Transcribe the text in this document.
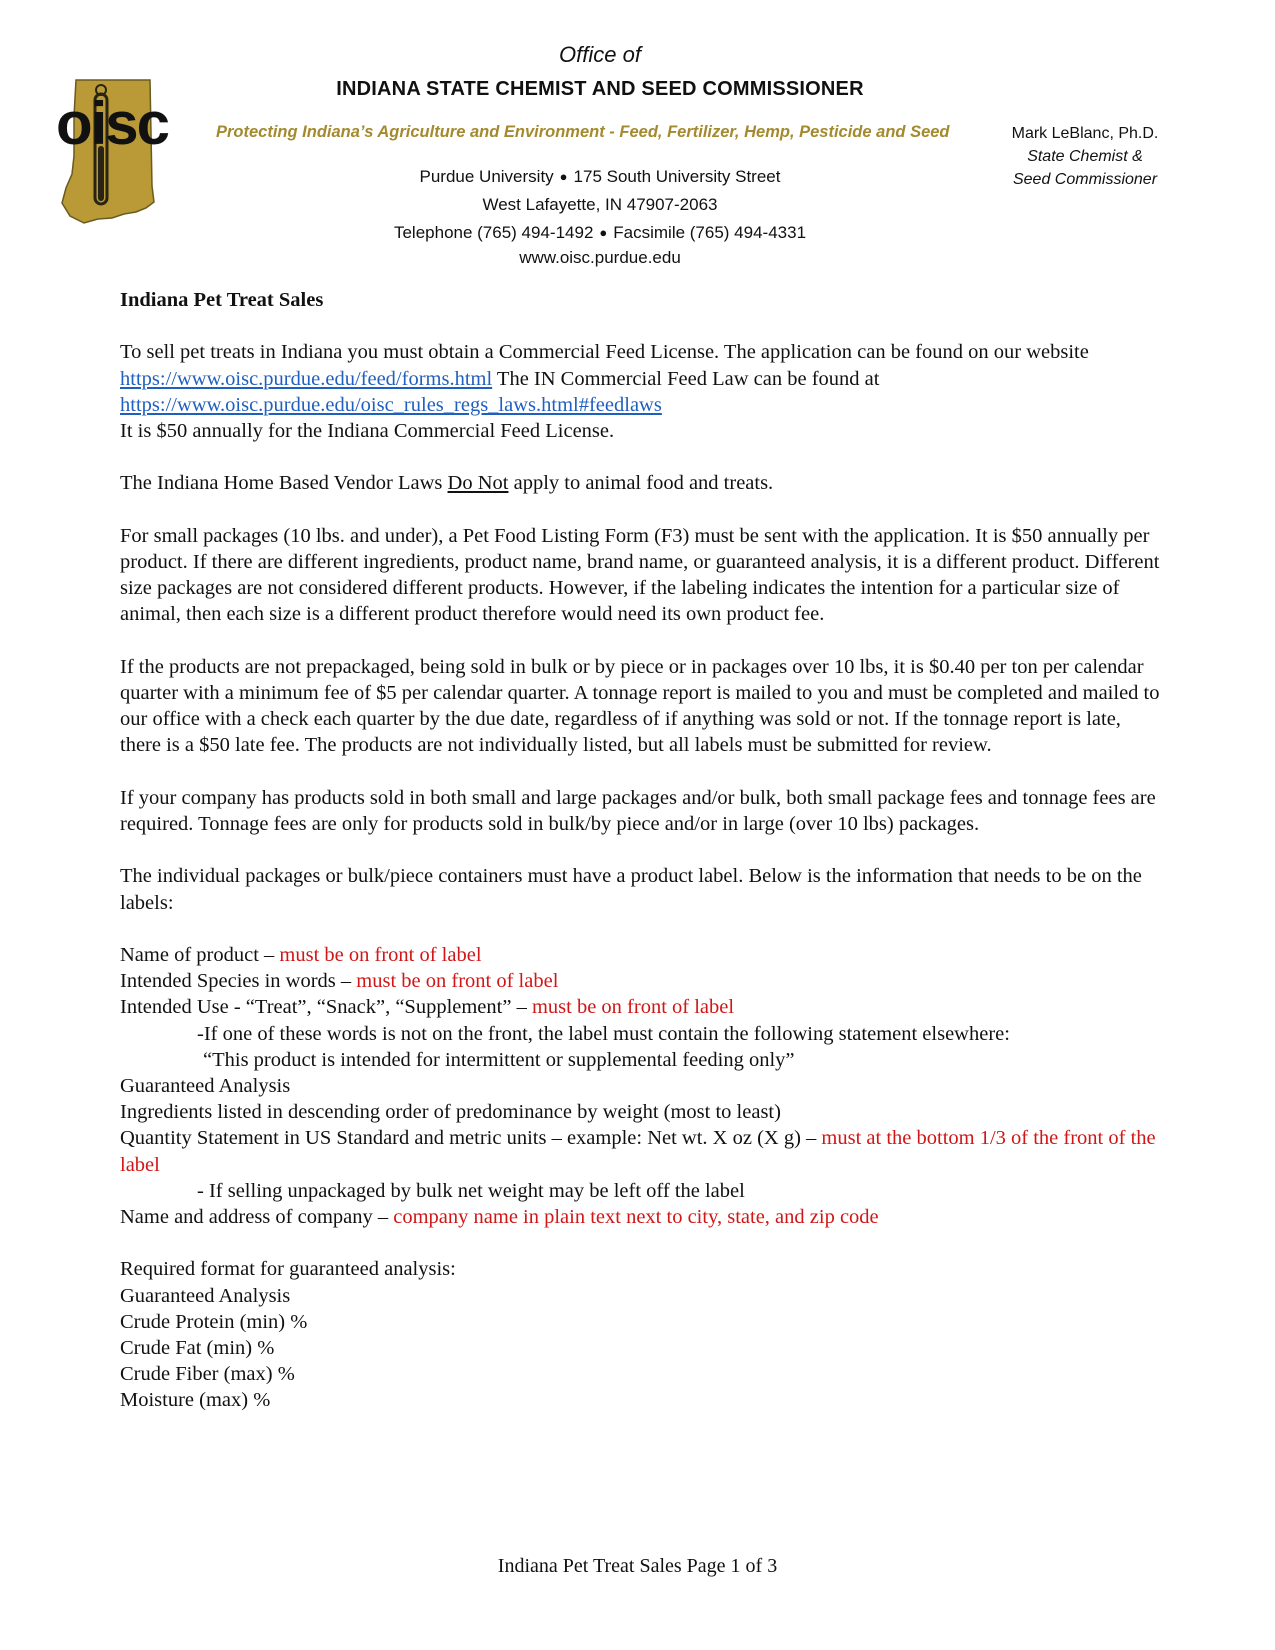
oisc
Office of
INDIANA STATE CHEMIST AND SEED COMMISSIONER
Protecting Indiana’s Agriculture and Environment - Feed, Fertilizer, Hemp, Pesticide and Seed
Purdue University ● 175 South University Street
West Lafayette, IN 47907-2063
Telephone (765) 494-1492 ● Facsimile (765) 494-4331
www.oisc.purdue.edu
Mark LeBlanc, Ph.D.
State Chemist &
Seed Commissioner

Indiana Pet Treat Sales

To sell pet treats in Indiana you must obtain a Commercial Feed License. The application can be found on our website https://www.oisc.purdue.edu/feed/forms.html The IN Commercial Feed Law can be found at
https://www.oisc.purdue.edu/oisc_rules_regs_laws.html#feedlaws
It is $50 annually for the Indiana Commercial Feed License.

The Indiana Home Based Vendor Laws Do Not apply to animal food and treats.

For small packages (10 lbs. and under), a Pet Food Listing Form (F3) must be sent with the application. It is $50 annually per product. If there are different ingredients, product name, brand name, or guaranteed analysis, it is a different product. Different size packages are not considered different products. However, if the labeling indicates the intention for a particular size of animal, then each size is a different product therefore would need its own product fee.

If the products are not prepackaged, being sold in bulk or by piece or in packages over 10 lbs, it is $0.40 per ton per calendar quarter with a minimum fee of $5 per calendar quarter. A tonnage report is mailed to you and must be completed and mailed to our office with a check each quarter by the due date, regardless of if anything was sold or not. If the tonnage report is late, there is a $50 late fee. The products are not individually listed, but all labels must be submitted for review.

If your company has products sold in both small and large packages and/or bulk, both small package fees and tonnage fees are required. Tonnage fees are only for products sold in bulk/by piece and/or in large (over 10 lbs) packages.

The individual packages or bulk/piece containers must have a product label. Below is the information that needs to be on the labels:

Name of product – must be on front of label

Intended Species in words – must be on front of label

Intended Use - “Treat”, “Snack”, “Supplement” – must be on front of label

-If one of these words is not on the front, the label must contain the following statement elsewhere:

“This product is intended for intermittent or supplemental feeding only”

Guaranteed Analysis

Ingredients listed in descending order of predominance by weight (most to least)

Quantity Statement in US Standard and metric units – example: Net wt. X oz (X g) – must at the bottom 1/3 of the front of the label

- If selling unpackaged by bulk net weight may be left off the label

Name and address of company – company name in plain text next to city, state, and zip code

Required format for guaranteed analysis:

Guaranteed Analysis

Crude Protein (min) %

Crude Fat (min) %

Crude Fiber (max) %

Moisture (max) %

Indiana Pet Treat Sales Page 1 of 3
